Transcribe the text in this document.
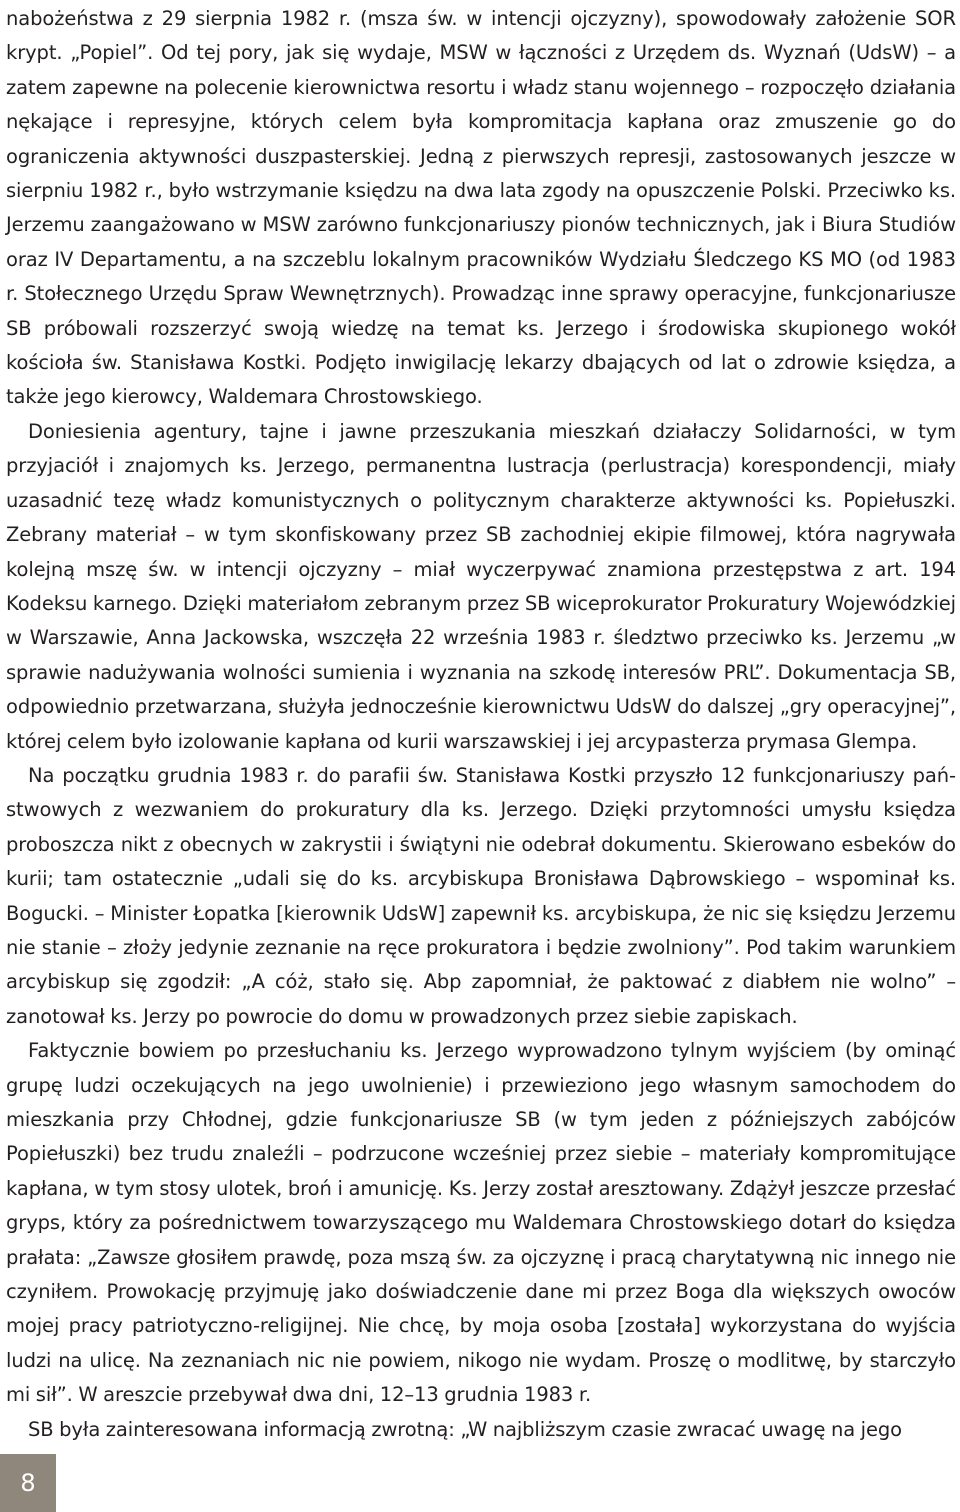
nabożeństwa z 29 sierpnia 1982 r. (msza św. w intencji ojczyzny), spowodowały założenie SOR krypt. „Popiel”. Od tej pory, jak się wydaje, MSW w łączności z Urzędem ds. Wyznań (UdsW) – a zatem zapewne na polecenie kierownictwa resortu i władz stanu wojennego – rozpoczęło działania nękające i represyjne, których celem była kompromitacja kapłana oraz zmuszenie go do ograniczenia aktywności duszpasterskiej. Jedną z pierwszych represji, zastosowanych jeszcze w sierpniu 1982 r., było wstrzymanie księdzu na dwa lata zgody na opuszczenie Polski. Przeciwko ks. Jerzemu zaangażowano w MSW zarówno funkcjonariuszy pionów technicznych, jak i Biura Studiów oraz IV Departamentu, a na szczeblu lokalnym pracowników Wydziału Śledczego KS MO (od 1983 r. Stołecznego Urzędu Spraw Wewnętrznych). Prowadząc inne sprawy operacyjne, funkcjonariusze SB próbowali rozszerzyć swoją wiedzę na temat ks. Jerzego i środowiska skupionego wokół kościoła św. Stanisława Kostki. Podjęto inwigilację lekarzy dbających od lat o zdrowie księdza, a także jego kierowcy, Waldemara Chrostowskiego.

Doniesienia agentury, tajne i jawne przeszukania mieszkań działaczy Solidarności, w tym przyjaciół i znajomych ks. Jerzego, permanentna lustracja (perlustracja) korespondencji, miały uzasadnić tezę władz komunistycznych o politycznym charakterze aktywności ks. Popiełuszki. Zebrany materiał – w tym skonfiskowany przez SB zachodniej ekipie filmowej, która nagrywała kolejną mszę św. w intencji ojczyzny – miał wyczerpywać znamiona przestępstwa z art. 194 Kodeksu karnego. Dzięki materiałom zebranym przez SB wiceprokurator Prokuratury Wojewódzkiej w Warszawie, Anna Jackowska, wszczęła 22 września 1983 r. śledztwo przeciwko ks. Jerzemu „w sprawie nadużywania wolności sumienia i wyznania na szkodę interesów PRL”. Dokumentacja SB, odpowiednio przetwarzana, służyła jednocześnie kierownictwu UdsW do dalszej „gry operacyjnej”, której celem było izolowanie kapłana od kurii warszawskiej i jej arcypasterza prymasa Glempa.

Na początku grudnia 1983 r. do parafii św. Stanisława Kostki przyszło 12 funkcjonariuszy państwowych z wezwaniem do prokuratury dla ks. Jerzego. Dzięki przytomności umysłu księdza proboszcza nikt z obecnych w zakrystii i świątyni nie odebrał dokumentu. Skierowano esbeków do kurii; tam ostatecznie „udali się do ks. arcybiskupa Bronisława Dąbrowskiego – wspominał ks. Bogucki. – Minister Łopatka [kierownik UdsW] zapewnił ks. arcybiskupa, że nic się księdzu Jerzemu nie stanie – złoży jedynie zeznanie na ręce prokuratora i będzie zwolniony”. Pod takim warunkiem arcybiskup się zgodził: „A cóż, stało się. Abp zapomniał, że paktować z diabłem nie wolno” – zanotował ks. Jerzy po powrocie do domu w prowadzonych przez siebie zapiskach.

Faktycznie bowiem po przesłuchaniu ks. Jerzego wyprowadzono tylnym wyjściem (by ominąć grupę ludzi oczekujących na jego uwolnienie) i przewieziono jego własnym samochodem do mieszkania przy Chłodnej, gdzie funkcjonariusze SB (w tym jeden z późniejszych zabójców Popiełuszki) bez trudu znaleźli – podrzucone wcześniej przez siebie – materiały kompromitujące kapłana, w tym stosy ulotek, broń i amunicję. Ks. Jerzy został aresztowany. Zdążył jeszcze przesłać gryps, który za pośrednictwem towarzyszącego mu Waldemara Chrostowskiego dotarł do księdza prałata: „Zawsze głosiłem prawdę, poza mszą św. za ojczyznę i pracą charytatywną nic innego nie czyniłem. Prowokację przyjmuję jako doświadczenie dane mi przez Boga dla większych owoców mojej pracy patriotyczno-religijnej. Nie chcę, by moja osoba [została] wykorzystana do wyjścia ludzi na ulicę. Na zeznaniach nic nie powiem, nikogo nie wydam. Proszę o modlitwę, by starczyło mi sił”. W areszcie przebywał dwa dni, 12–13 grudnia 1983 r.

SB była zainteresowana informacją zwrotną: „W najbliższym czasie zwracać uwagę na jego

8
